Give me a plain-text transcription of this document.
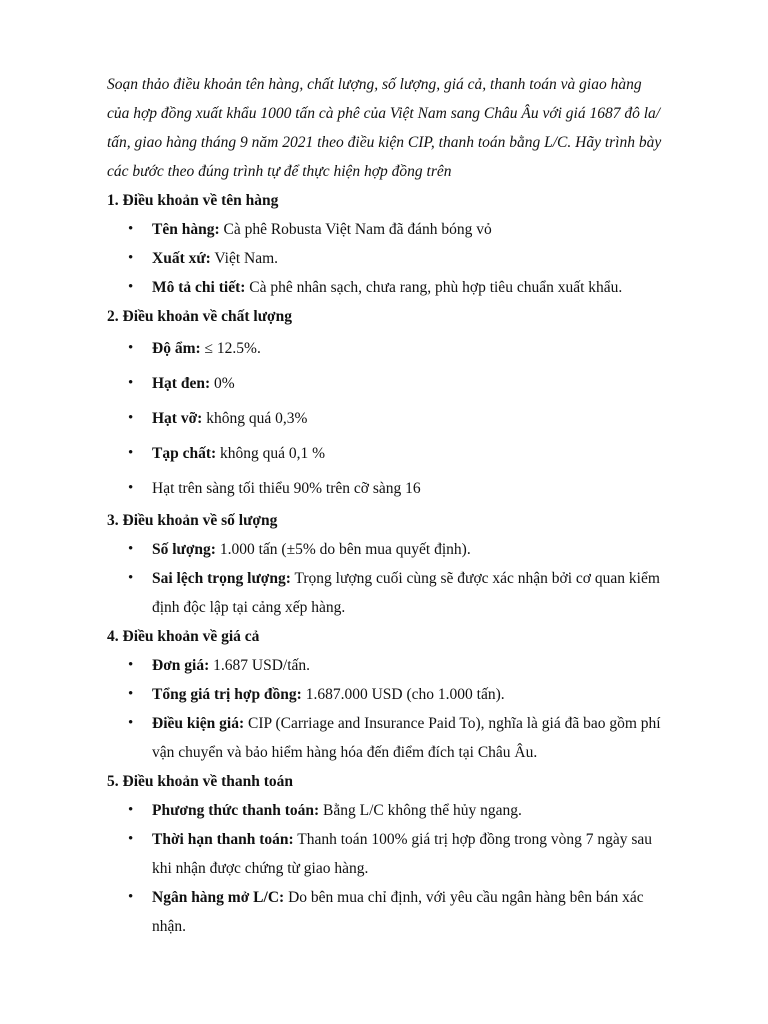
Soạn thảo điều khoản tên hàng, chất lượng, số lượng, giá cả, thanh toán và giao hàng
của hợp đồng xuất khẩu 1000 tấn cà phê của Việt Nam sang Châu Âu với giá 1687 đô la/
tấn, giao hàng tháng 9 năm 2021 theo điều kiện CIP, thanh toán bằng L/C. Hãy trình bày
các bước theo đúng trình tự để thực hiện hợp đồng trên

1. Điều khoản về tên hàng

• Tên hàng: Cà phê Robusta Việt Nam đã đánh bóng vỏ
• Xuất xứ: Việt Nam.
• Mô tả chi tiết: Cà phê nhân sạch, chưa rang, phù hợp tiêu chuẩn xuất khẩu.

2. Điều khoản về chất lượng

• Độ ẩm: ≤ 12.5%.
• Hạt đen: 0%
• Hạt vỡ: không quá 0,3%
• Tạp chất: không quá 0,1 %
• Hạt trên sàng tối thiểu 90% trên cỡ sàng 16

3. Điều khoản về số lượng

• Số lượng: 1.000 tấn (±5% do bên mua quyết định).
• Sai lệch trọng lượng: Trọng lượng cuối cùng sẽ được xác nhận bởi cơ quan kiểm
định độc lập tại cảng xếp hàng.

4. Điều khoản về giá cả

• Đơn giá: 1.687 USD/tấn.
• Tổng giá trị hợp đồng: 1.687.000 USD (cho 1.000 tấn).
• Điều kiện giá: CIP (Carriage and Insurance Paid To), nghĩa là giá đã bao gồm phí
vận chuyển và bảo hiểm hàng hóa đến điểm đích tại Châu Âu.

5. Điều khoản về thanh toán

• Phương thức thanh toán: Bằng L/C không thể hủy ngang.
• Thời hạn thanh toán: Thanh toán 100% giá trị hợp đồng trong vòng 7 ngày sau
khi nhận được chứng từ giao hàng.
• Ngân hàng mở L/C: Do bên mua chỉ định, với yêu cầu ngân hàng bên bán xác
nhận.
